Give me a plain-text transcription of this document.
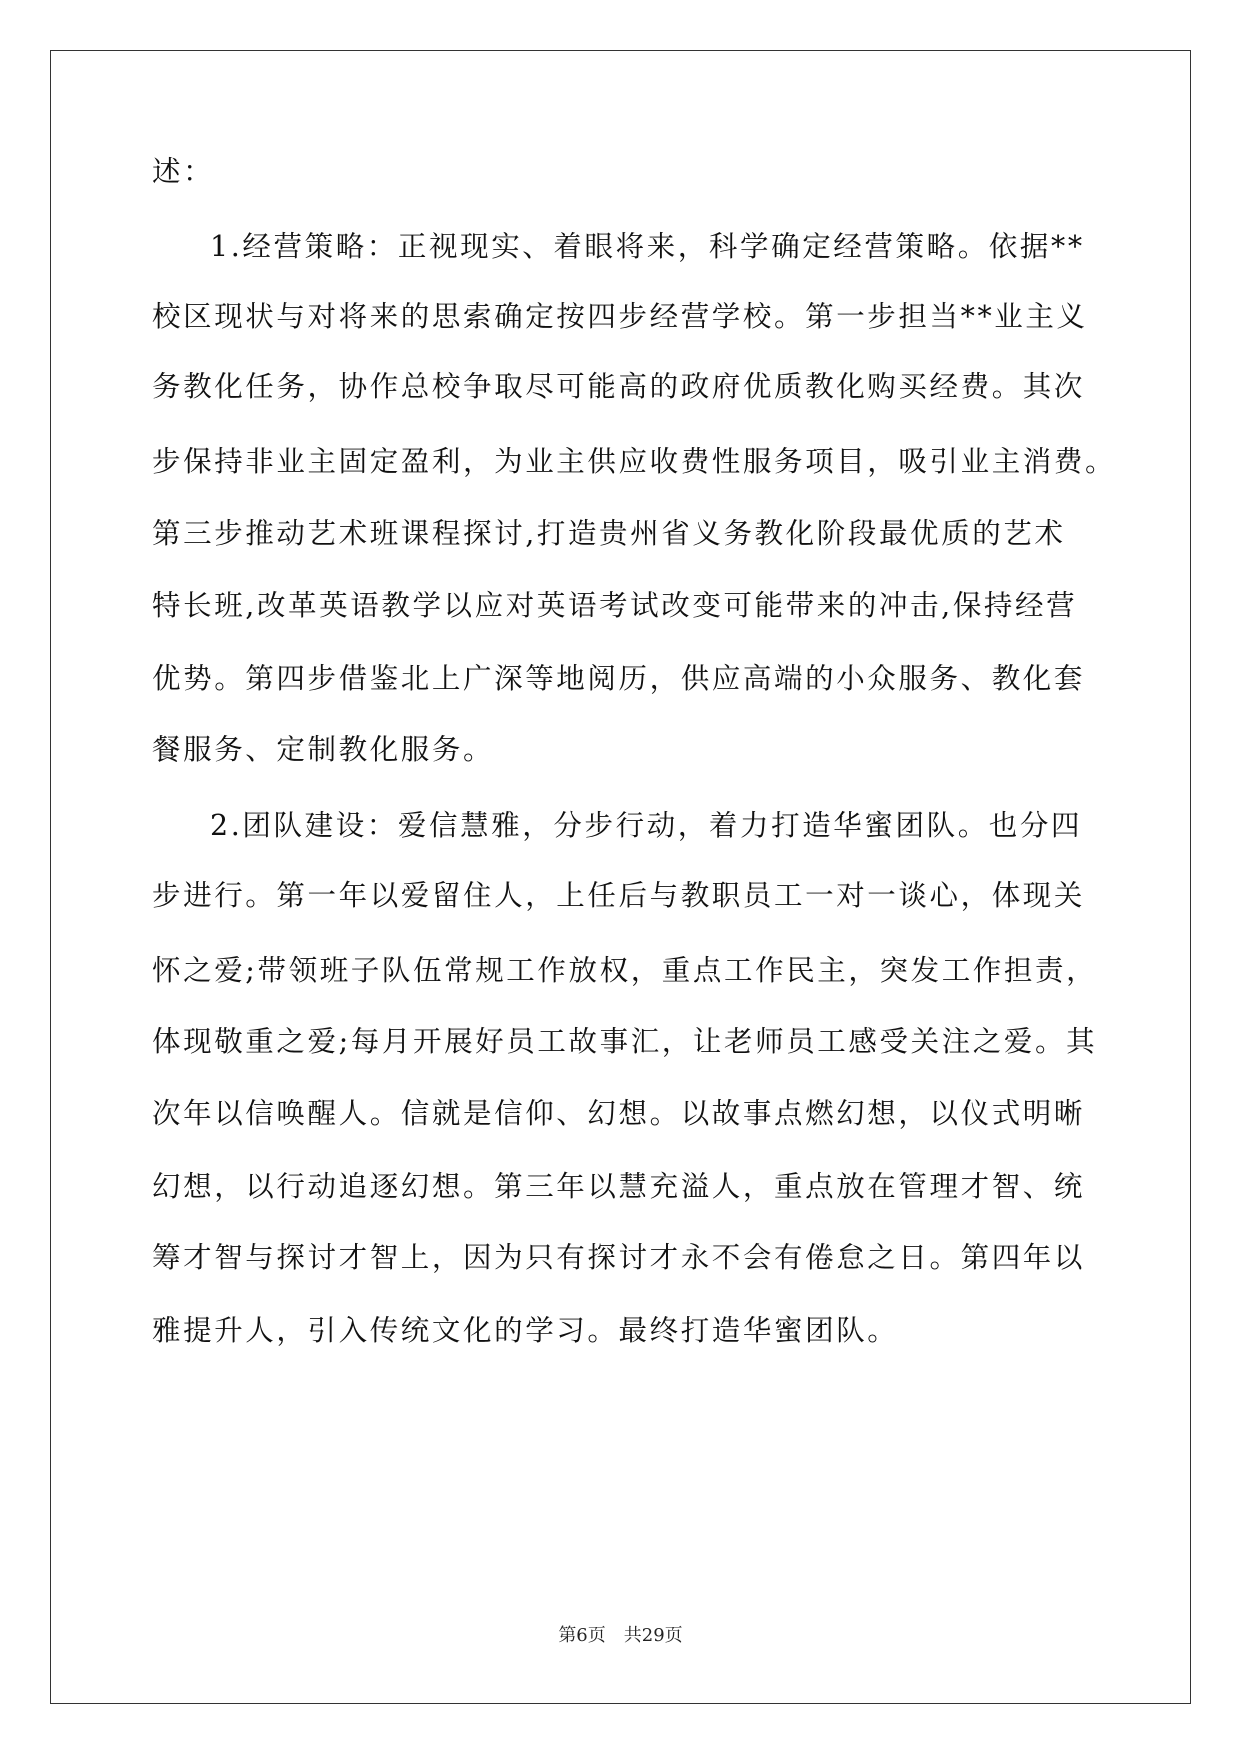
述：
1.经营策略：正视现实、着眼将来，科学确定经营策略。依据**
校区现状与对将来的思索确定按四步经营学校。第一步担当**业主义
务教化任务，协作总校争取尽可能高的政府优质教化购买经费。其次
步保持非业主固定盈利，为业主供应收费性服务项目，吸引业主消费。
第三步推动艺术班课程探讨,打造贵州省义务教化阶段最优质的艺术
特长班,改革英语教学以应对英语考试改变可能带来的冲击,保持经营
优势。第四步借鉴北上广深等地阅历，供应高端的小众服务、教化套
餐服务、定制教化服务。
2.团队建设：爱信慧雅，分步行动，着力打造华蜜团队。也分四
步进行。第一年以爱留住人，上任后与教职员工一对一谈心，体现关
怀之爱;带领班子队伍常规工作放权，重点工作民主，突发工作担责，
体现敬重之爱;每月开展好员工故事汇，让老师员工感受关注之爱。其
次年以信唤醒人。信就是信仰、幻想。以故事点燃幻想，以仪式明晰
幻想，以行动追逐幻想。第三年以慧充溢人，重点放在管理才智、统
筹才智与探讨才智上，因为只有探讨才永不会有倦怠之日。第四年以
雅提升人，引入传统文化的学习。最终打造华蜜团队。
第6页 共29页
